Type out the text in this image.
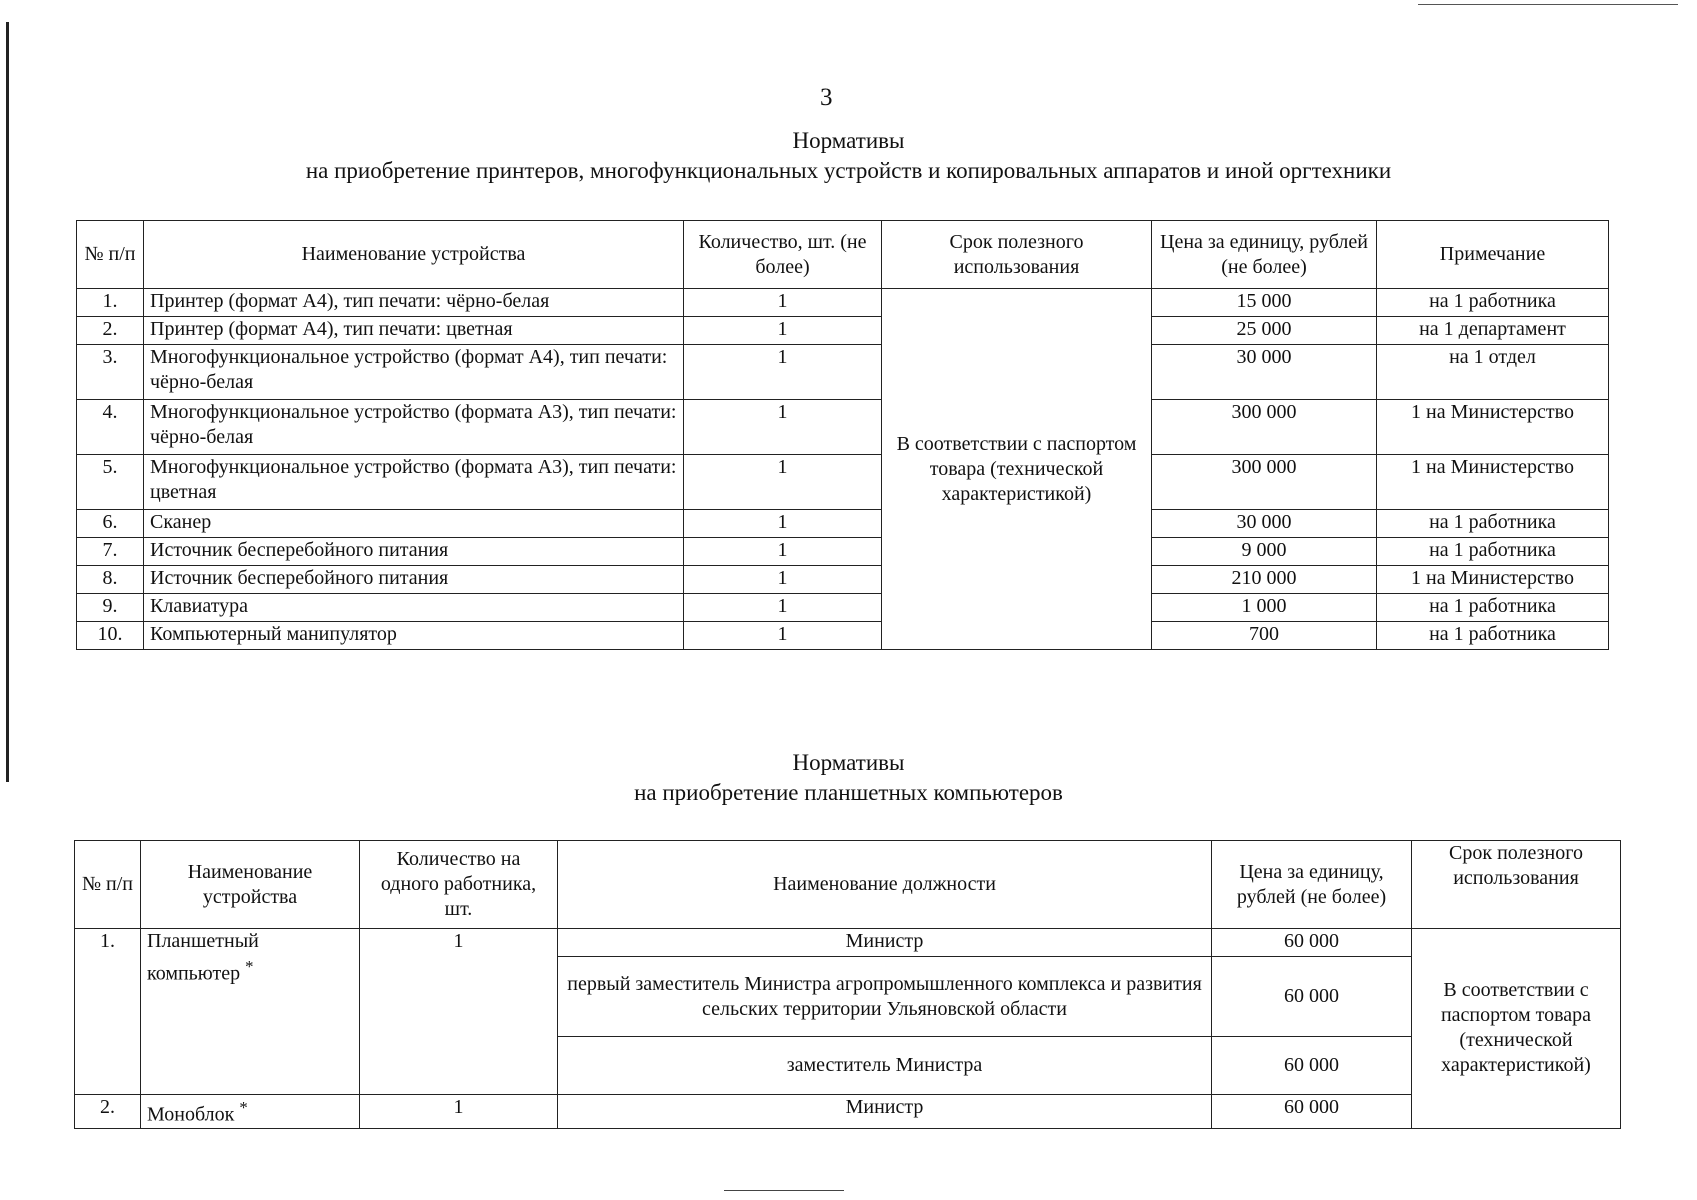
3
Нормативы
на приобретение принтеров, многофункциональных устройств и копировальных аппаратов и иной оргтехники
№ п/п	Наименование устройства	Количество, шт. (не более)	Срок полезного использования	Цена за единицу, рублей (не более)	Примечание
1.	Принтер (формат А4), тип печати: чёрно-белая	1	В соответствии с паспортом товара (технической характеристикой)	15 000	на 1 работника
2.	Принтер (формат А4), тип печати: цветная	1		25 000	на 1 департамент
3.	Многофункциональное устройство (формат А4), тип печати: чёрно-белая	1		30 000	на 1 отдел
4.	Многофункциональное устройство (формата А3), тип печати: чёрно-белая	1		300 000	1 на Министерство
5.	Многофункциональное устройство (формата А3), тип печати: цветная	1		300 000	1 на Министерство
6.	Сканер	1		30 000	на 1 работника
7.	Источник бесперебойного питания	1		9 000	на 1 работника
8.	Источник бесперебойного питания	1		210 000	1 на Министерство
9.	Клавиатура	1		1 000	на 1 работника
10.	Компьютерный манипулятор	1		700	на 1 работника
Нормативы
на приобретение планшетных компьютеров
№ п/п	Наименование устройства	Количество на одного работника, шт.	Наименование должности	Цена за единицу, рублей (не более)	Срок полезного использования
1.	Планшетный компьютер *	1	Министр	60 000	В соответствии с паспортом товара (технической характеристикой)
			первый заместитель Министра агропромышленного комплекса и развития сельских территории Ульяновской области	60 000	
			заместитель Министра	60 000	
2.	Моноблок *	1	Министр	60 000	
